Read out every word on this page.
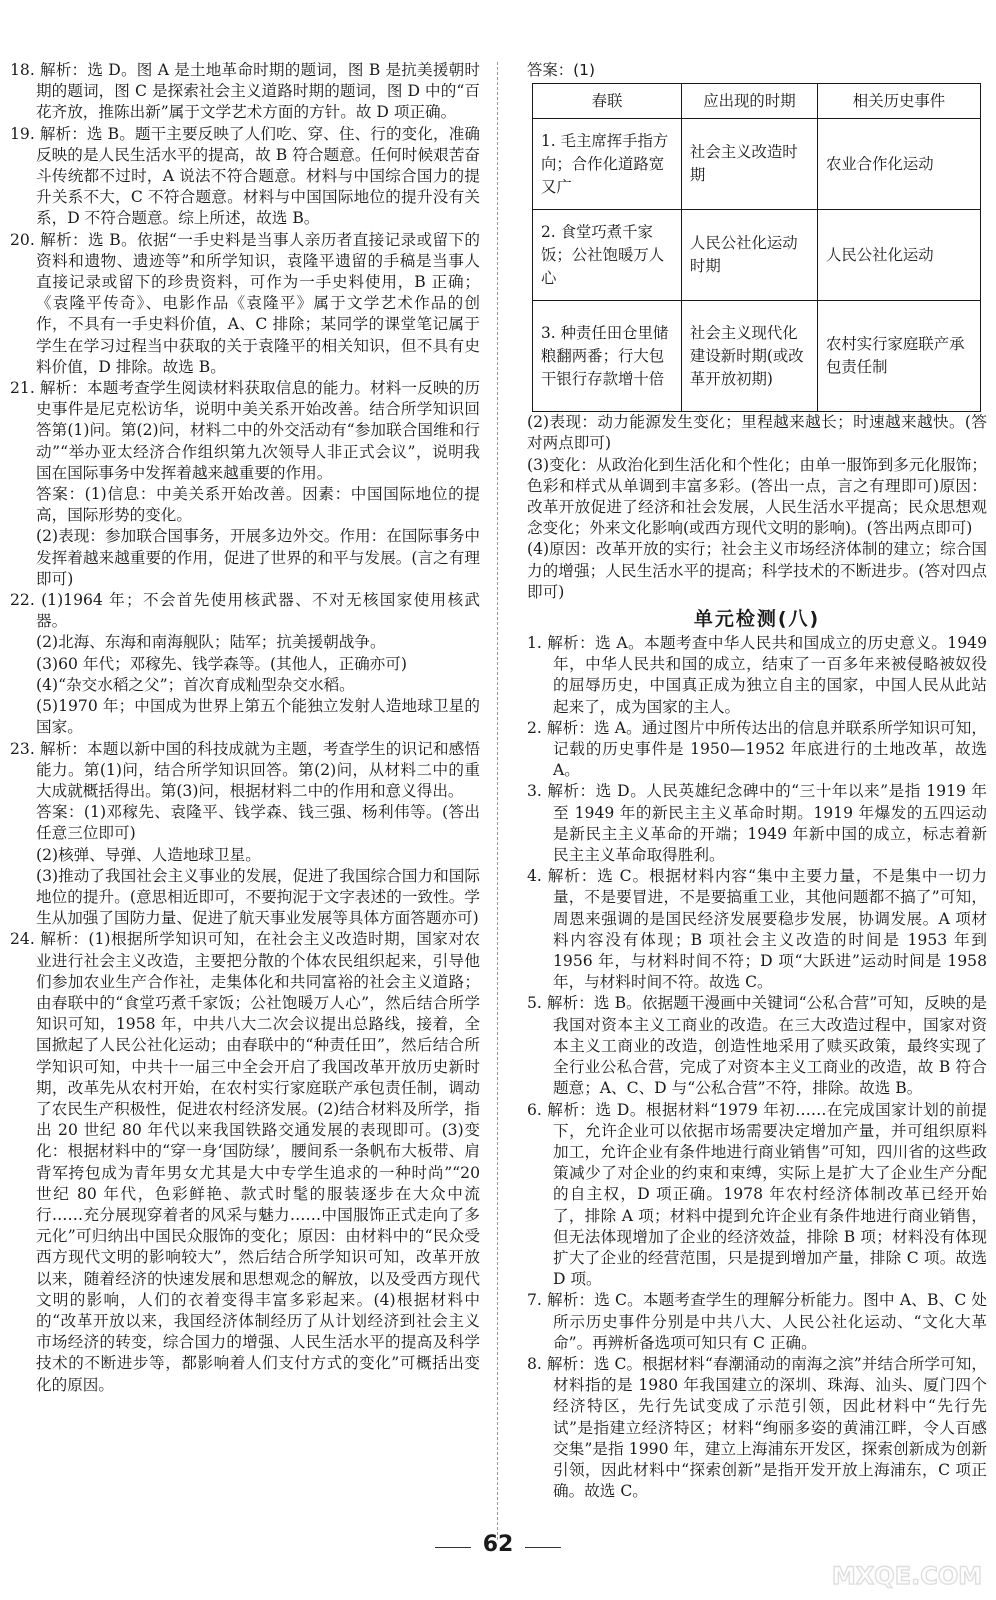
18. 解析：选 D。图 A 是土地革命时期的题词，图 B 是抗美援朝时期的题词，图 C 是探索社会主义道路时期的题词，图 D 中的“百花齐放，推陈出新”属于文学艺术方面的方针。故 D 项正确。

19. 解析：选 B。题干主要反映了人们吃、穿、住、行的变化，准确反映的是人民生活水平的提高，故 B 符合题意。任何时候艰苦奋斗传统都不过时，A 说法不符合题意。材料与中国综合国力的提升关系不大，C 不符合题意。材料与中国国际地位的提升没有关系，D 不符合题意。综上所述，故选 B。

20. 解析：选 B。依据“一手史料是当事人亲历者直接记录或留下的资料和遗物、遗迹等”和所学知识，袁隆平遗留的手稿是当事人直接记录或留下的珍贵资料，可作为一手史料使用，B 正确；《袁隆平传奇》、电影作品《袁隆平》属于文学艺术作品的创作，不具有一手史料价值，A、C 排除；某同学的课堂笔记属于学生在学习过程当中获取的关于袁隆平的相关知识，但不具有史料价值，D 排除。故选 B。

21. 解析：本题考查学生阅读材料获取信息的能力。材料一反映的历史事件是尼克松访华，说明中美关系开始改善。结合所学知识回答第(1)问。第(2)问，材料二中的外交活动有“参加联合国维和行动”“举办亚太经济合作组织第九次领导人非正式会议”，说明我国在国际事务中发挥着越来越重要的作用。

答案：(1)信息：中美关系开始改善。因素：中国国际地位的提高，国际形势的变化。

(2)表现：参加联合国事务，开展多边外交。作用：在国际事务中发挥着越来越重要的作用，促进了世界的和平与发展。(言之有理即可)

22. (1)1964 年；不会首先使用核武器、不对无核国家使用核武器。

(2)北海、东海和南海舰队；陆军；抗美援朝战争。

(3)60 年代；邓稼先、钱学森等。(其他人，正确亦可)

(4)“杂交水稻之父”；首次育成籼型杂交水稻。

(5)1970 年；中国成为世界上第五个能独立发射人造地球卫星的国家。

23. 解析：本题以新中国的科技成就为主题，考查学生的识记和感悟能力。第(1)问，结合所学知识回答。第(2)问，从材料二中的重大成就概括得出。第(3)问，根据材料二中的作用和意义得出。

答案：(1)邓稼先、袁隆平、钱学森、钱三强、杨利伟等。(答出任意三位即可)

(2)核弹、导弹、人造地球卫星。

(3)推动了我国社会主义事业的发展，促进了我国综合国力和国际地位的提升。(意思相近即可，不要拘泥于文字表述的一致性。学生从加强了国防力量、促进了航天事业发展等具体方面答题亦可)

24. 解析：(1)根据所学知识可知，在社会主义改造时期，国家对农业进行社会主义改造，主要把分散的个体农民组织起来，引导他们参加农业生产合作社，走集体化和共同富裕的社会主义道路；由春联中的“食堂巧煮千家饭；公社饱暖万人心”，然后结合所学知识可知，1958 年，中共八大二次会议提出总路线，接着，全国掀起了人民公社化运动；由春联中的“种责任田”，然后结合所学知识可知，中共十一届三中全会开启了我国改革开放历史新时期，改革先从农村开始，在农村实行家庭联产承包责任制，调动了农民生产积极性，促进农村经济发展。(2)结合材料及所学，指出 20 世纪 80 年代以来我国铁路交通发展的表现即可。(3)变化：根据材料中的“穿一身‘国防绿’，腰间系一条帆布大板带、肩背军挎包成为青年男女尤其是大中专学生追求的一种时尚”“20 世纪 80 年代，色彩鲜艳、款式时髦的服装逐步在大众中流行……充分展现穿着者的风采与魅力……中国服饰正式走向了多元化”可归纳出中国民众服饰的变化；原因：由材料中的“民众受西方现代文明的影响较大”，然后结合所学知识可知，改革开放以来，随着经济的快速发展和思想观念的解放，以及受西方现代文明的影响，人们的衣着变得丰富多彩起来。(4)根据材料中的“改革开放以来，我国经济体制经历了从计划经济到社会主义市场经济的转变，综合国力的增强、人民生活水平的提高及科学技术的不断进步等，都影响着人们支付方式的变化”可概括出变化的原因。

答案：(1)

春联	应出现的时期	相关历史事件
1. 毛主席挥手指方向；合作化道路宽又广	社会主义改造时期	农业合作化运动
2. 食堂巧煮千家饭；公社饱暖万人心	人民公社化运动时期	人民公社化运动
3. 种责任田仓里储粮翻两番；行大包干银行存款增十倍	社会主义现代化建设新时期(或改革开放初期)	农村实行家庭联产承包责任制

(2)表现：动力能源发生变化；里程越来越长；时速越来越快。(答对两点即可)

(3)变化：从政治化到生活化和个性化；由单一服饰到多元化服饰；色彩和样式从单调到丰富多彩。(答出一点，言之有理即可)原因：改革开放促进了经济和社会发展，人民生活水平提高；民众思想观念变化；外来文化影响(或西方现代文明的影响)。(答出两点即可)

(4)原因：改革开放的实行；社会主义市场经济体制的建立；综合国力的增强；人民生活水平的提高；科学技术的不断进步。(答对四点即可)

单元检测(八)

1. 解析：选 A。本题考查中华人民共和国成立的历史意义。1949 年，中华人民共和国的成立，结束了一百多年来被侵略被奴役的屈辱历史，中国真正成为独立自主的国家，中国人民从此站起来了，成为国家的主人。

2. 解析：选 A。通过图片中所传达出的信息并联系所学知识可知，记载的历史事件是 1950—1952 年底进行的土地改革，故选 A。

3. 解析：选 D。人民英雄纪念碑中的“三十年以来”是指 1919 年至 1949 年的新民主主义革命时期。1919 年爆发的五四运动是新民主主义革命的开端；1949 年新中国的成立，标志着新民主主义革命取得胜利。

4. 解析：选 C。根据材料内容“集中主要力量，不是集中一切力量，不是要冒进，不是要搞重工业，其他问题都不搞了”可知，周恩来强调的是国民经济发展要稳步发展，协调发展。A 项材料内容没有体现；B 项社会主义改造的时间是 1953 年到 1956 年，与材料时间不符；D 项“大跃进”运动时间是 1958 年，与材料时间不符。故选 C。

5. 解析：选 B。依据题干漫画中关键词“公私合营”可知，反映的是我国对资本主义工商业的改造。在三大改造过程中，国家对资本主义工商业的改造，创造性地采用了赎买政策，最终实现了全行业公私合营，完成了对资本主义工商业的改造，故 B 符合题意；A、C、D 与“公私合营”不符，排除。故选 B。

6. 解析：选 D。根据材料“1979 年初……在完成国家计划的前提下，允许企业可以依据市场需要决定增加产量，并可组织原料加工，允许企业有条件地进行商业销售”可知，四川省的这些政策减少了对企业的约束和束缚，实际上是扩大了企业生产分配的自主权，D 项正确。1978 年农村经济体制改革已经开始了，排除 A 项；材料中提到允许企业有条件地进行商业销售，但无法体现增加了企业的经济效益，排除 B 项；材料没有体现扩大了企业的经营范围，只是提到增加产量，排除 C 项。故选 D 项。

7. 解析：选 C。本题考查学生的理解分析能力。图中 A、B、C 处所示历史事件分别是中共八大、人民公社化运动、“文化大革命”。再辨析备选项可知只有 C 正确。

8. 解析：选 C。根据材料“春潮涌动的南海之滨”并结合所学可知，材料指的是 1980 年我国建立的深圳、珠海、汕头、厦门四个经济特区，先行先试变成了示范引领，因此材料中“先行先试”是指建立经济特区；材料“绚丽多姿的黄浦江畔，令人百感交集”是指 1990 年，建立上海浦东开发区，探索创新成为创新引领，因此材料中“探索创新”是指开发开放上海浦东，C 项正确。故选 C。

62
MXQE.COM
